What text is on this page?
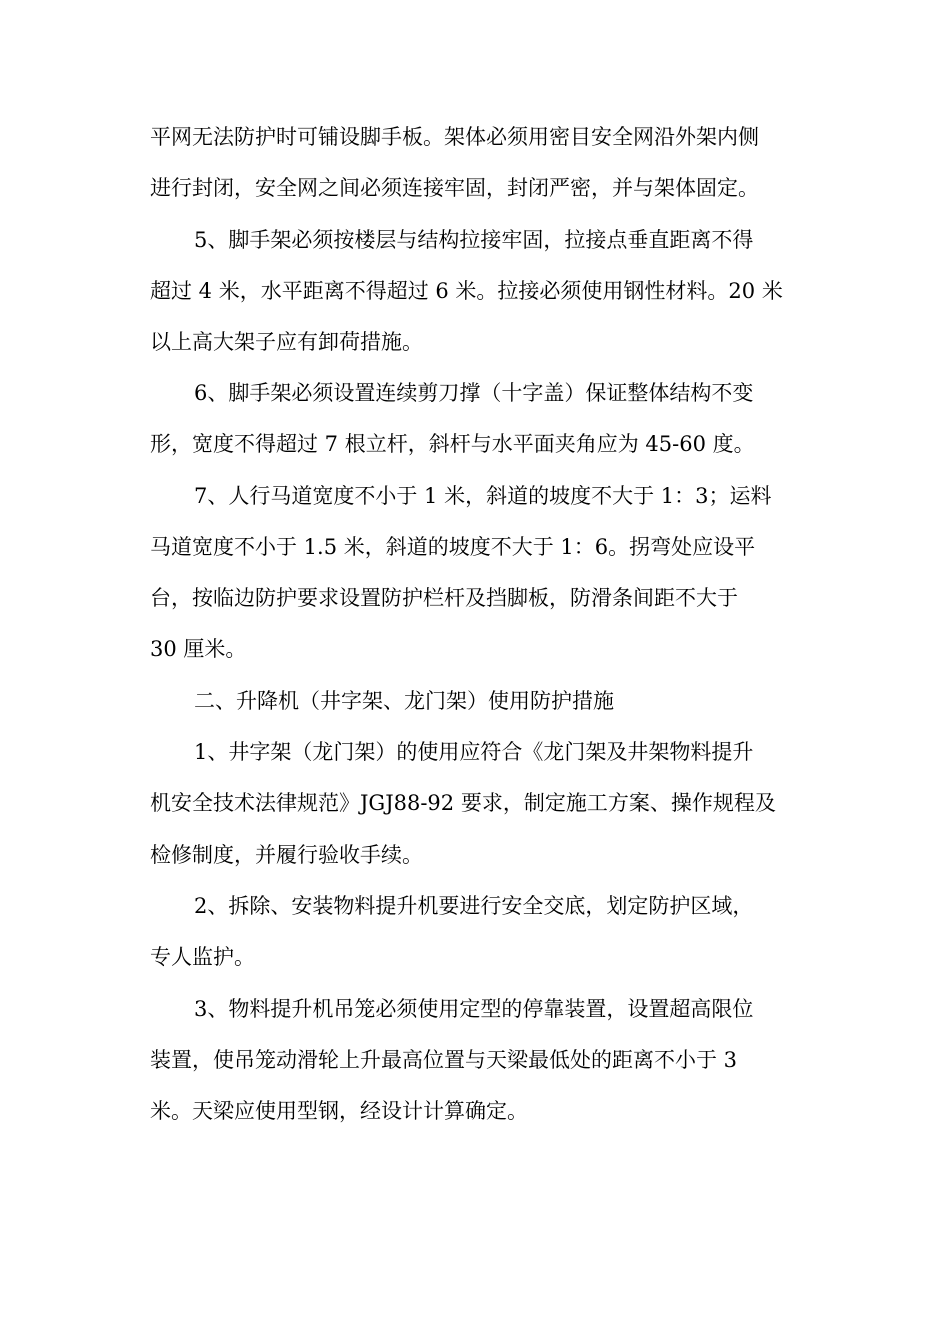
平网无法防护时可铺设脚手板。架体必须用密目安全网沿外架内侧
进行封闭，安全网之间必须连接牢固，封闭严密，并与架体固定。
5、脚手架必须按楼层与结构拉接牢固，拉接点垂直距离不得
超过 4 米，水平距离不得超过 6 米。拉接必须使用钢性材料。20 米
以上高大架子应有卸荷措施。
6、脚手架必须设置连续剪刀撑（十字盖）保证整体结构不变
形，宽度不得超过 7 根立杆，斜杆与水平面夹角应为 45-60 度。
7、人行马道宽度不小于 1 米，斜道的坡度不大于 1：3；运料
马道宽度不小于 1.5 米，斜道的坡度不大于 1：6。拐弯处应设平
台，按临边防护要求设置防护栏杆及挡脚板，防滑条间距不大于
30 厘米。
二、升降机（井字架、龙门架）使用防护措施
1、井字架（龙门架）的使用应符合《龙门架及井架物料提升
机安全技术法律规范》JGJ88-92 要求，制定施工方案、操作规程及
检修制度，并履行验收手续。
2、拆除、安装物料提升机要进行安全交底，划定防护区域，
专人监护。
3、物料提升机吊笼必须使用定型的停靠装置，设置超高限位
装置，使吊笼动滑轮上升最高位置与天梁最低处的距离不小于 3
米。天梁应使用型钢，经设计计算确定。
